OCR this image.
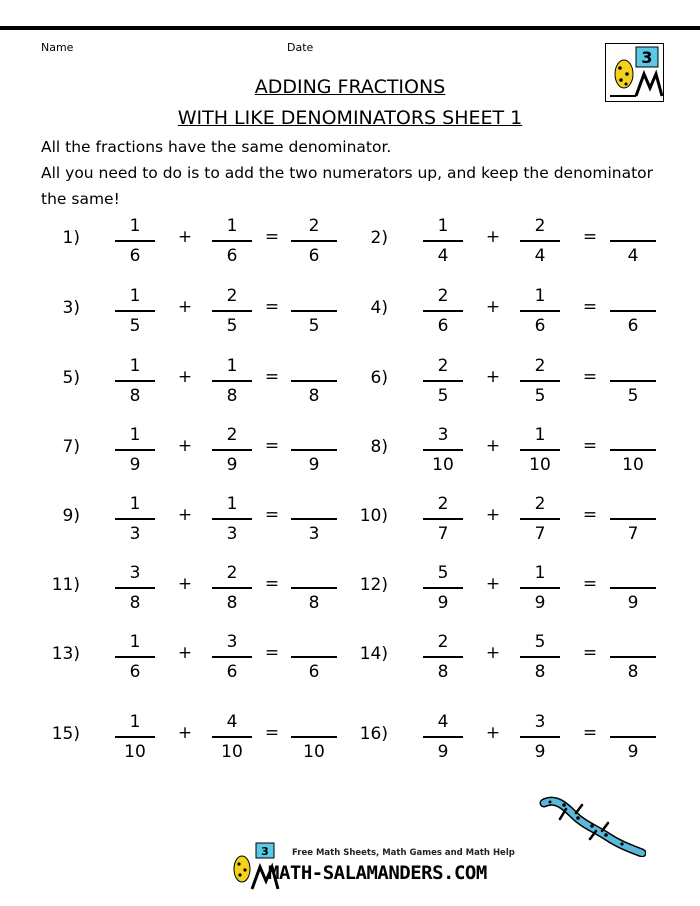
Name	Date
3
ADDING FRACTIONS
WITH LIKE DENOMINATORS SHEET 1
All the fractions have the same denominator.
All you need to do is to add the two numerators up, and keep the denominator the same!
1)
1
6
+
1
6
=
2
6
2)
1
4
+
2
4
=
4
3)
1
5
+
2
5
=
5
4)
2
6
+
1
6
=
6
5)
1
8
+
1
8
=
8
6)
2
5
+
2
5
=
5
7)
1
9
+
2
9
=
9
8)
3
10
+
1
10
=
10
9)
1
3
+
1
3
=
3
10)
2
7
+
2
7
=
7
11)
3
8
+
2
8
=
8
12)
5
9
+
1
9
=
9
13)
1
6
+
3
6
=
6
14)
2
8
+
5
8
=
8
15)
1
10
+
4
10
=
10
16)
4
9
+
3
9
=
9
3	Free Math Sheets, Math Games and Math Help
MATH-SALAMANDERS.COM
